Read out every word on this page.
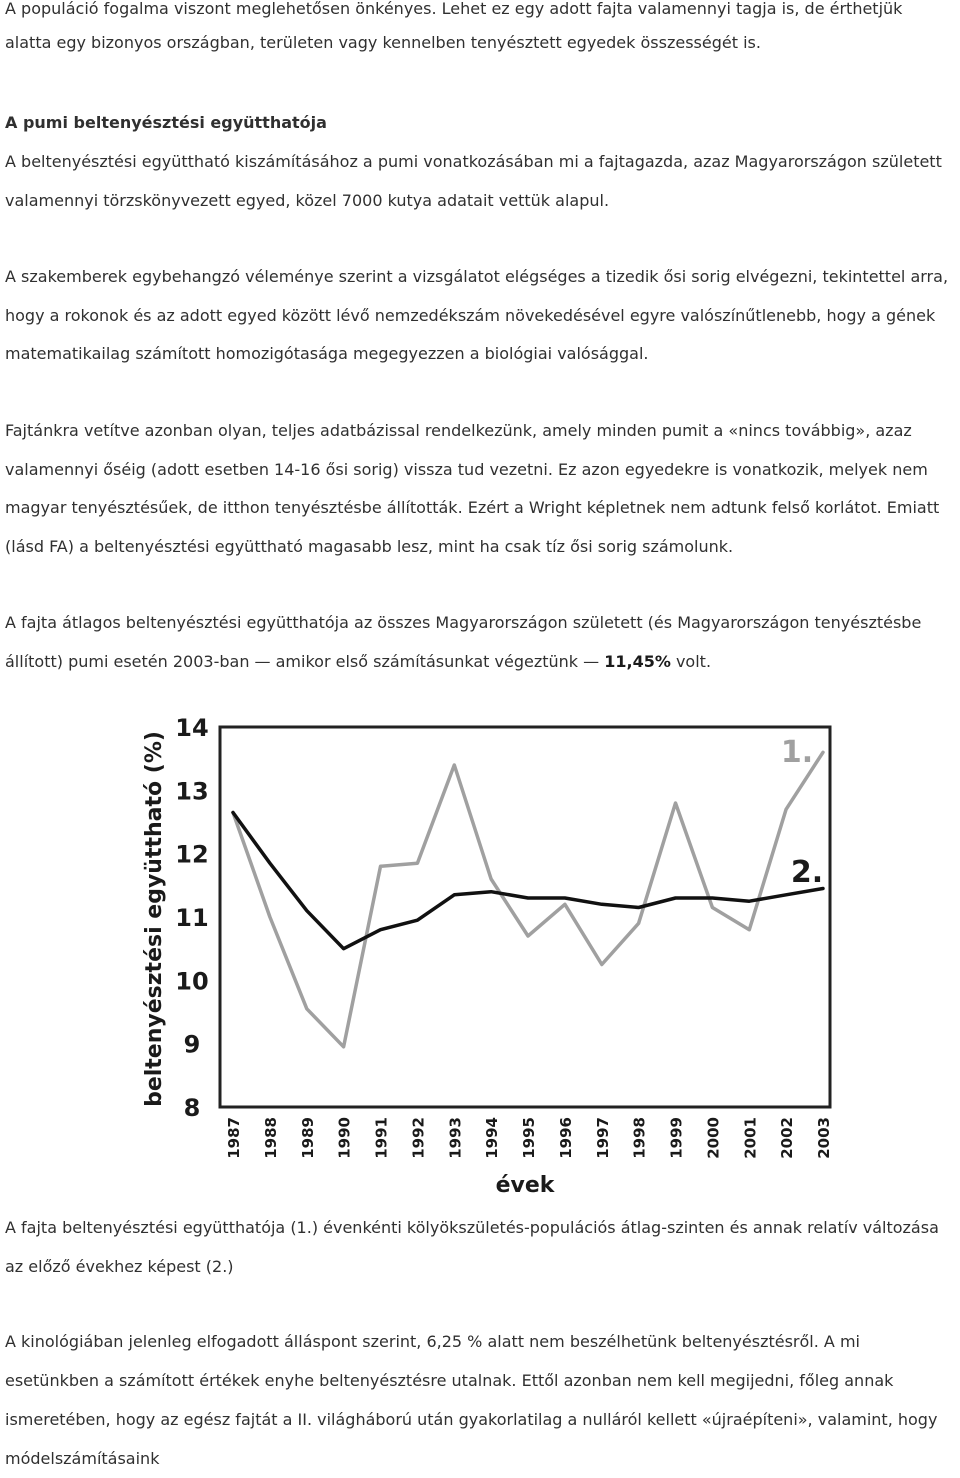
A populáció fogalma viszont meglehetősen önkényes. Lehet ez egy adott fajta valamennyi tagja is, de érthetjük alatta egy bizonyos országban, területen vagy kennelben tenyésztett egyedek összességét is.

A pumi beltenyésztési együtthatója

A beltenyésztési együttható kiszámításához a pumi vonatkozásában mi a fajtagazda, azaz Magyarországon született valamennyi törzskönyvezett egyed, közel 7000 kutya adatait vettük alapul.

A szakemberek egybehangzó véleménye szerint a vizsgálatot elégséges a tizedik ősi sorig elvégezni, tekintettel arra, hogy a rokonok és az adott egyed között lévő nemzedékszám növekedésével egyre valószínűtlenebb, hogy a gének matematikailag számított homozigótasága megegyezzen a biológiai valósággal.

Fajtánkra vetítve azonban olyan, teljes adatbázissal rendelkezünk, amely minden pumit a «nincs továbbig», azaz valamennyi őséig (adott esetben 14-16 ősi sorig) vissza tud vezetni. Ez azon egyedekre is vonatkozik, melyek nem magyar tenyésztésűek, de itthon tenyésztésbe állították. Ezért a Wright képletnek nem adtunk felső korlátot. Emiatt (lásd FA) a beltenyésztési együttható magasabb lesz, mint ha csak tíz ősi sorig számolunk.

A fajta átlagos beltenyésztési együtthatója az összes Magyarországon született (és Magyarországon tenyésztésbe állított) pumi esetén 2003-ban — amikor első számításunkat végeztünk — 11,45% volt.

14
13
12
11
10
9
8
beltenyésztési együttható (%)
1987 1988 1989 1990 1991 1992 1993 1994 1995 1996 1997 1998 1999 2000 2001 2002 2003
évek
1.
2.

A fajta beltenyésztési együtthatója (1.) évenkénti kölyökszületés-populációs átlag-szinten és annak relatív változása az előző évekhez képest (2.)

A kinológiában jelenleg elfogadott álláspont szerint, 6,25 % alatt nem beszélhetünk beltenyésztésről. A mi esetünkben a számított értékek enyhe beltenyésztésre utalnak. Ettől azonban nem kell megijedni, főleg annak ismeretében, hogy az egész fajtát a II. világháború után gyakorlatilag a nulláról kellett «újraépíteni», valamint, hogy módelszámításaink
